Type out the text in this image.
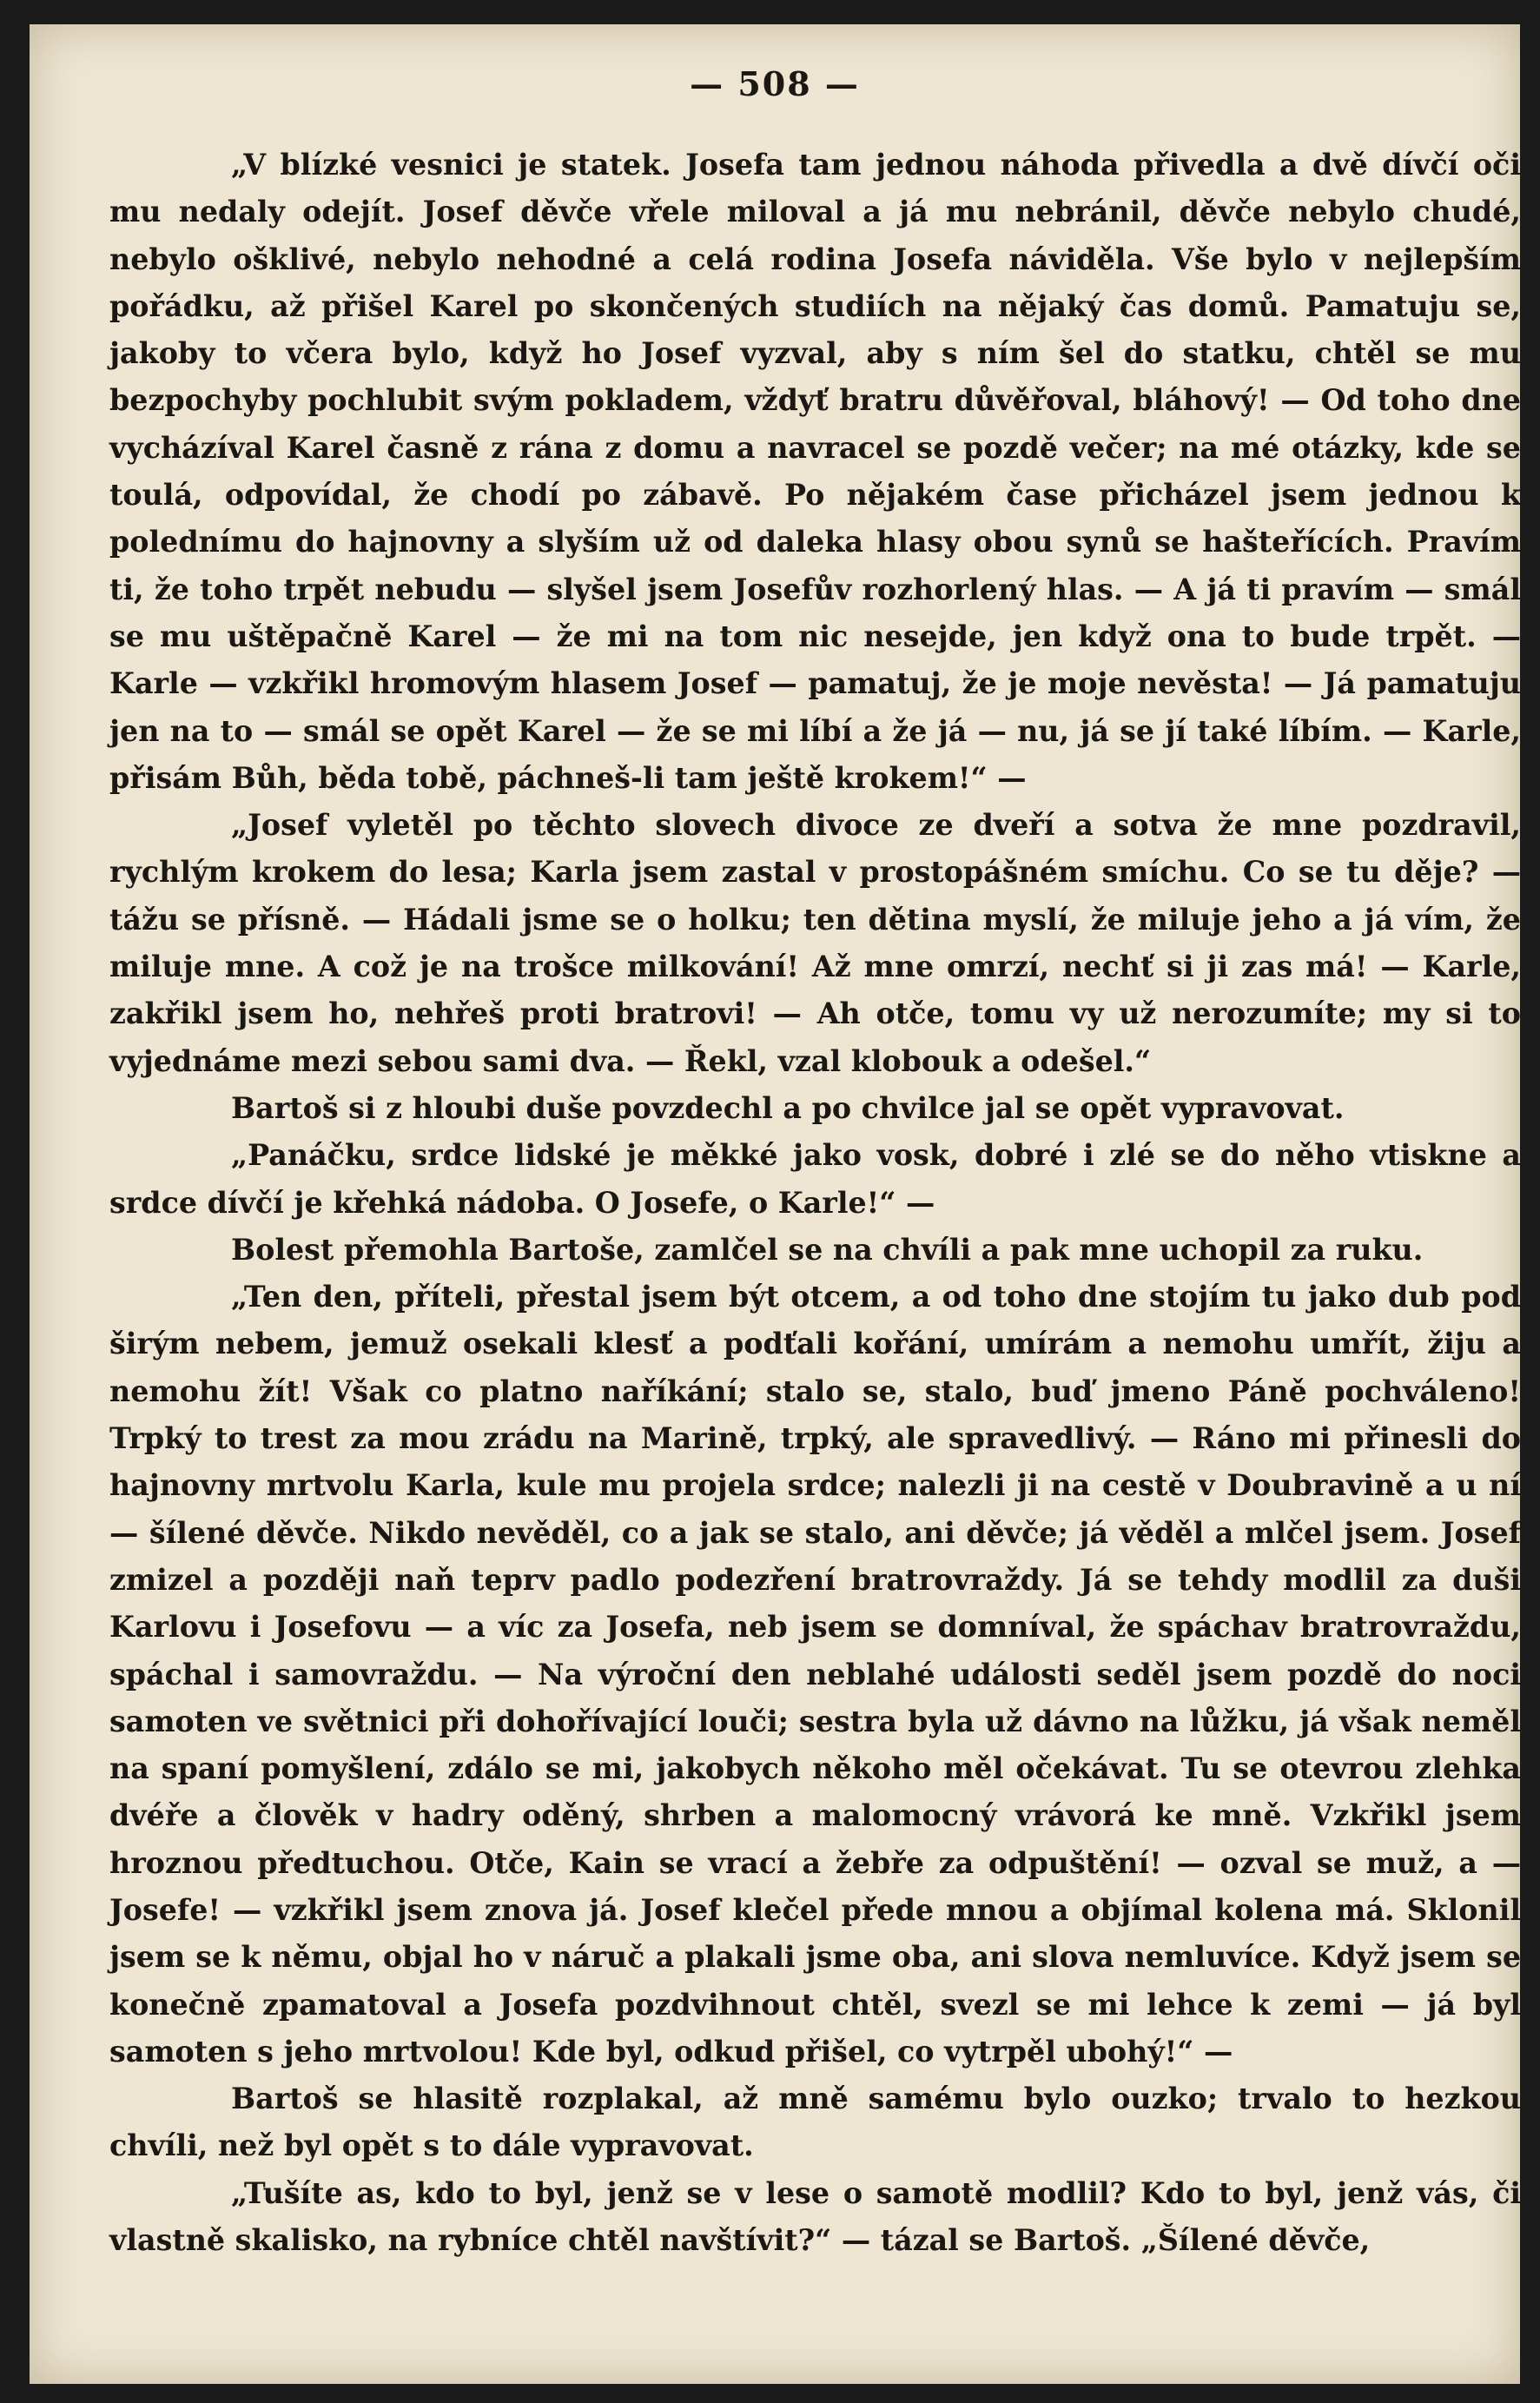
— 508 —

„V blízké vesnici je statek. Josefa tam jednou náhoda přivedla a dvě dívčí oči mu nedaly odejít. Josef děvče vřele miloval a já mu nebránil, děvče nebylo chudé, nebylo ošklivé, nebylo nehodné a celá rodina Josefa náviděla. Vše bylo v nejlepším pořádku, až přišel Karel po skončených studiích na nějaký čas domů. Pamatuju se, jakoby to včera bylo, když ho Josef vyzval, aby s ním šel do statku, chtěl se mu bezpochyby pochlubit svým pokladem, vždyť bratru důvěřoval, bláhový! — Od toho dne vycházíval Karel časně z rána z domu a navracel se pozdě večer; na mé otázky, kde se toulá, odpovídal, že chodí po zábavě. Po nějakém čase přicházel jsem jednou k polednímu do hajnovny a slyším už od daleka hlasy obou synů se hašteřících. Pravím ti, že toho trpět nebudu — slyšel jsem Josefův rozhorlený hlas. — A já ti pravím — smál se mu uštěpačně Karel — že mi na tom nic nesejde, jen když ona to bude trpět. — Karle — vzkřikl hromovým hlasem Josef — pamatuj, že je moje nevěsta! — Já pamatuju jen na to — smál se opět Karel — že se mi líbí a že já — nu, já se jí také líbím. — Karle, přisám Bůh, běda tobě, páchneš-li tam ještě krokem!“ —

„Josef vyletěl po těchto slovech divoce ze dveří a sotva že mne pozdravil, rychlým krokem do lesa; Karla jsem zastal v prostopášném smíchu. Co se tu děje? — tážu se přísně. — Hádali jsme se o holku; ten dětina myslí, že miluje jeho a já vím, že miluje mne. A což je na trošce milkování! Až mne omrzí, nechť si ji zas má! — Karle, zakřikl jsem ho, nehřeš proti bratrovi! — Ah otče, tomu vy už nerozumíte; my si to vyjednáme mezi sebou sami dva. — Řekl, vzal klobouk a odešel.“

Bartoš si z hloubi duše povzdechl a po chvilce jal se opět vypravovat.

„Panáčku, srdce lidské je měkké jako vosk, dobré i zlé se do něho vtiskne a srdce dívčí je křehká nádoba. O Josefe, o Karle!“ —

Bolest přemohla Bartoše, zamlčel se na chvíli a pak mne uchopil za ruku.

„Ten den, příteli, přestal jsem být otcem, a od toho dne stojím tu jako dub pod širým nebem, jemuž osekali klesť a podťali kořání, umírám a nemohu umřít, žiju a nemohu žít! Však co platno naříkání; stalo se, stalo, buď jmeno Páně pochváleno! Trpký to trest za mou zrádu na Marině, trpký, ale spravedlivý. — Ráno mi přinesli do hajnovny mrtvolu Karla, kule mu projela srdce; nalezli ji na cestě v Doubravině a u ní — šílené děvče. Nikdo nevěděl, co a jak se stalo, ani děvče; já věděl a mlčel jsem. Josef zmizel a později naň teprv padlo podezření bratrovraždy. Já se tehdy modlil za duši Karlovu i Josefovu — a víc za Josefa, neb jsem se domníval, že spáchav bratrovraždu, spáchal i samovraždu. — Na výroční den neblahé události seděl jsem pozdě do noci samoten ve světnici při dohořívající louči; sestra byla už dávno na lůžku, já však neměl na spaní pomyšlení, zdálo se mi, jakobych někoho měl očekávat. Tu se otevrou zlehka dvéře a člověk v hadry oděný, shrben a malomocný vrávorá ke mně. Vzkřikl jsem hroznou předtuchou. Otče, Kain se vrací a žebře za odpuštění! — ozval se muž, a — Josefe! — vzkřikl jsem znova já. Josef klečel přede mnou a objímal kolena má. Sklonil jsem se k němu, objal ho v náruč a plakali jsme oba, ani slova nemluvíce. Když jsem se konečně zpamatoval a Josefa pozdvihnout chtěl, svezl se mi lehce k zemi — já byl samoten s jeho mrtvolou! Kde byl, odkud přišel, co vytrpěl ubohý!“ —

Bartoš se hlasitě rozplakal, až mně samému bylo ouzko; trvalo to hezkou chvíli, než byl opět s to dále vypravovat.

„Tušíte as, kdo to byl, jenž se v lese o samotě modlil? Kdo to byl, jenž vás, či vlastně skalisko, na rybníce chtěl navštívit?“ — tázal se Bartoš. „Šílené děvče,
